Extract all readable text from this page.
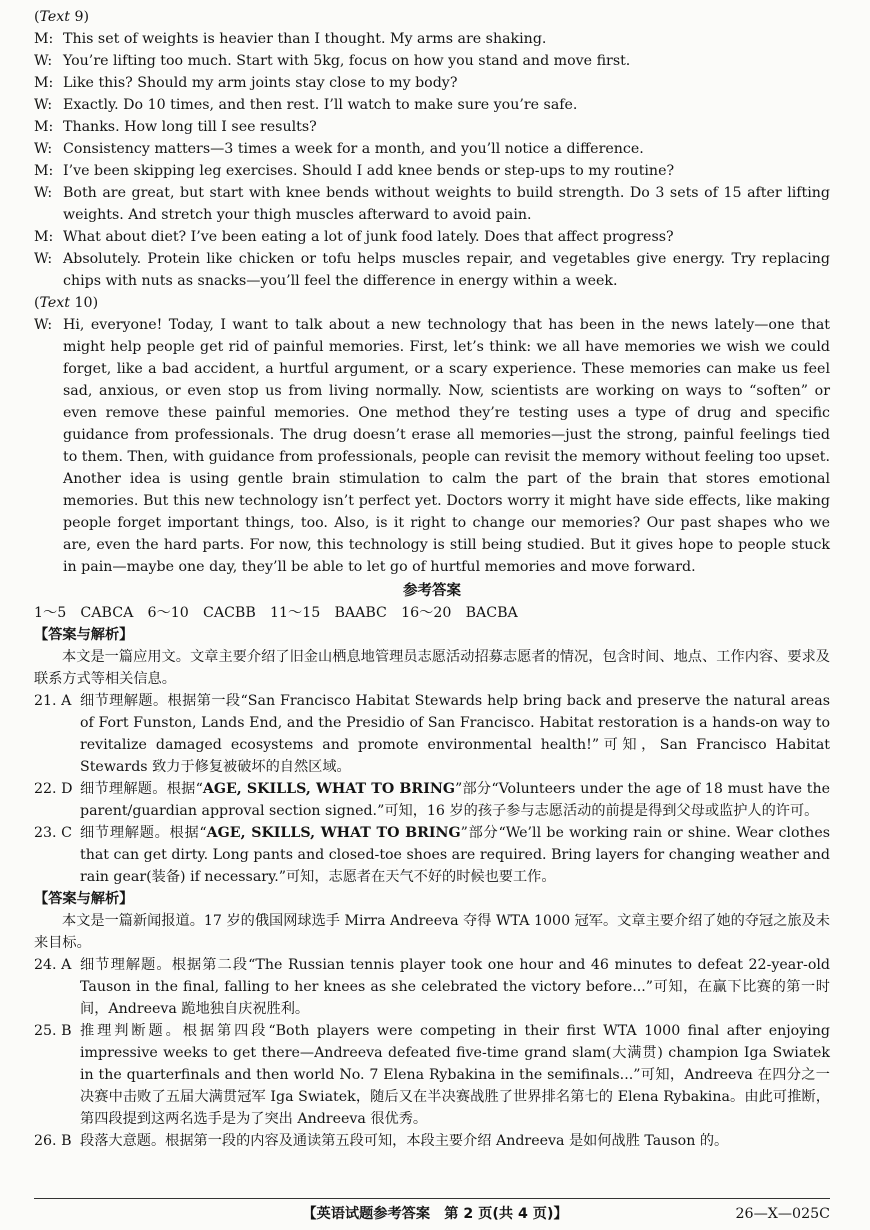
(Text 9)

M: This set of weights is heavier than I thought. My arms are shaking.
W: You’re lifting too much. Start with 5kg, focus on how you stand and move first.
M: Like this? Should my arm joints stay close to my body?
W: Exactly. Do 10 times, and then rest. I’ll watch to make sure you’re safe.
M: Thanks. How long till I see results?
W: Consistency matters—3 times a week for a month, and you’ll notice a difference.
M: I’ve been skipping leg exercises. Should I add knee bends or step-ups to my routine?
W: Both are great, but start with knee bends without weights to build strength. Do 3 sets of 15 after lifting weights. And stretch your thigh muscles afterward to avoid pain.
M: What about diet? I’ve been eating a lot of junk food lately. Does that affect progress?
W: Absolutely. Protein like chicken or tofu helps muscles repair, and vegetables give energy. Try replacing chips with nuts as snacks—you’ll feel the difference in energy within a week.

(Text 10)

W: Hi, everyone! Today, I want to talk about a new technology that has been in the news lately—one that might help people get rid of painful memories. First, let’s think: we all have memories we wish we could forget, like a bad accident, a hurtful argument, or a scary experience. These memories can make us feel sad, anxious, or even stop us from living normally. Now, scientists are working on ways to “soften” or even remove these painful memories. One method they’re testing uses a type of drug and specific guidance from professionals. The drug doesn’t erase all memories—just the strong, painful feelings tied to them. Then, with guidance from professionals, people can revisit the memory without feeling too upset. Another idea is using gentle brain stimulation to calm the part of the brain that stores emotional memories. But this new technology isn’t perfect yet. Doctors worry it might have side effects, like making people forget important things, too. Also, is it right to change our memories? Our past shapes who we are, even the hard parts. For now, this technology is still being studied. But it gives hope to people stuck in pain—maybe one day, they’ll be able to let go of hurtful memories and move forward.

参考答案

1～5　CABCA　6～10　CACBB　11～15　BAABC　16～20　BACBA

【答案与解析】

本文是一篇应用文。文章主要介绍了旧金山栖息地管理员志愿活动招募志愿者的情况，包含时间、地点、工作内容、要求及联系方式等相关信息。

21. A 细节理解题。根据第一段“San Francisco Habitat Stewards help bring back and preserve the natural areas of Fort Funston, Lands End, and the Presidio of San Francisco. Habitat restoration is a hands-on way to revitalize damaged ecosystems and promote environmental health!”可知，San Francisco Habitat Stewards 致力于修复被破坏的自然区域。
22. D 细节理解题。根据“AGE, SKILLS, WHAT TO BRING”部分“Volunteers under the age of 18 must have the parent/guardian approval section signed.”可知，16 岁的孩子参与志愿活动的前提是得到父母或监护人的许可。
23. C 细节理解题。根据“AGE, SKILLS, WHAT TO BRING”部分“We’ll be working rain or shine. Wear clothes that can get dirty. Long pants and closed-toe shoes are required. Bring layers for changing weather and rain gear(装备) if necessary.”可知，志愿者在天气不好的时候也要工作。

【答案与解析】

本文是一篇新闻报道。17 岁的俄国网球选手 Mirra Andreeva 夺得 WTA 1000 冠军。文章主要介绍了她的夺冠之旅及未来目标。

24. A 细节理解题。根据第二段“The Russian tennis player took one hour and 46 minutes to defeat 22-year-old Tauson in the final, falling to her knees as she celebrated the victory before...”可知，在赢下比赛的第一时间，Andreeva 跪地独自庆祝胜利。
25. B 推理判断题。根据第四段“Both players were competing in their first WTA 1000 final after enjoying impressive weeks to get there—Andreeva defeated five-time grand slam(大满贯) champion Iga Swiatek in the quarterfinals and then world No. 7 Elena Rybakina in the semifinals...”可知，Andreeva 在四分之一决赛中击败了五届大满贯冠军 Iga Swiatek，随后又在半决赛战胜了世界排名第七的 Elena Rybakina。由此可推断，第四段提到这两名选手是为了突出 Andreeva 很优秀。
26. B 段落大意题。根据第一段的内容及通读第五段可知，本段主要介绍 Andreeva 是如何战胜 Tauson 的。
【英语试题参考答案　第 2 页(共 4 页)】	26—X—025C
